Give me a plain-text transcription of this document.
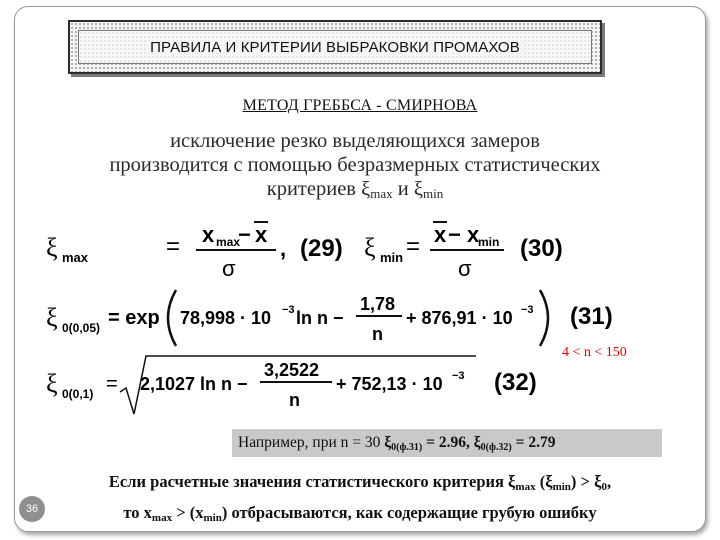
ПРАВИЛА И КРИТЕРИИ ВЫБРАКОВКИ ПРОМАХОВ
МЕТОД ГРЕББСА - СМИРНОВА
исключение резко выделяющихся замеров
производится с помощью безразмерных статистических
критериев $\xi_{max}$ и $\xi_{min}$
ξ max	= x max
− x
σ
, (29) ξ min = x − x
min
σ
(30)
ξ 0(0,05) = exp 78,998 · 10 −3 ln n −
1,78
n
+ 876,91 · 10 −3 (31)
4 < n < 150
ξ 0(0,1) = 2,1027 ln n −
3,2522
n
+ 752,13 · 10 −3 (32)
Например, при n = 30 $\xi_{0(ф.31)} = 2.96$, $\xi_{0(ф.32)} = 2.79$
Если расчетные значения статистического критерия $\xi_{max}$ $(\xi_{min}) > \xi_0$,
то $x_{max} > (x_{min})$ отбрасываются, как содержащие грубую ошибку
36
